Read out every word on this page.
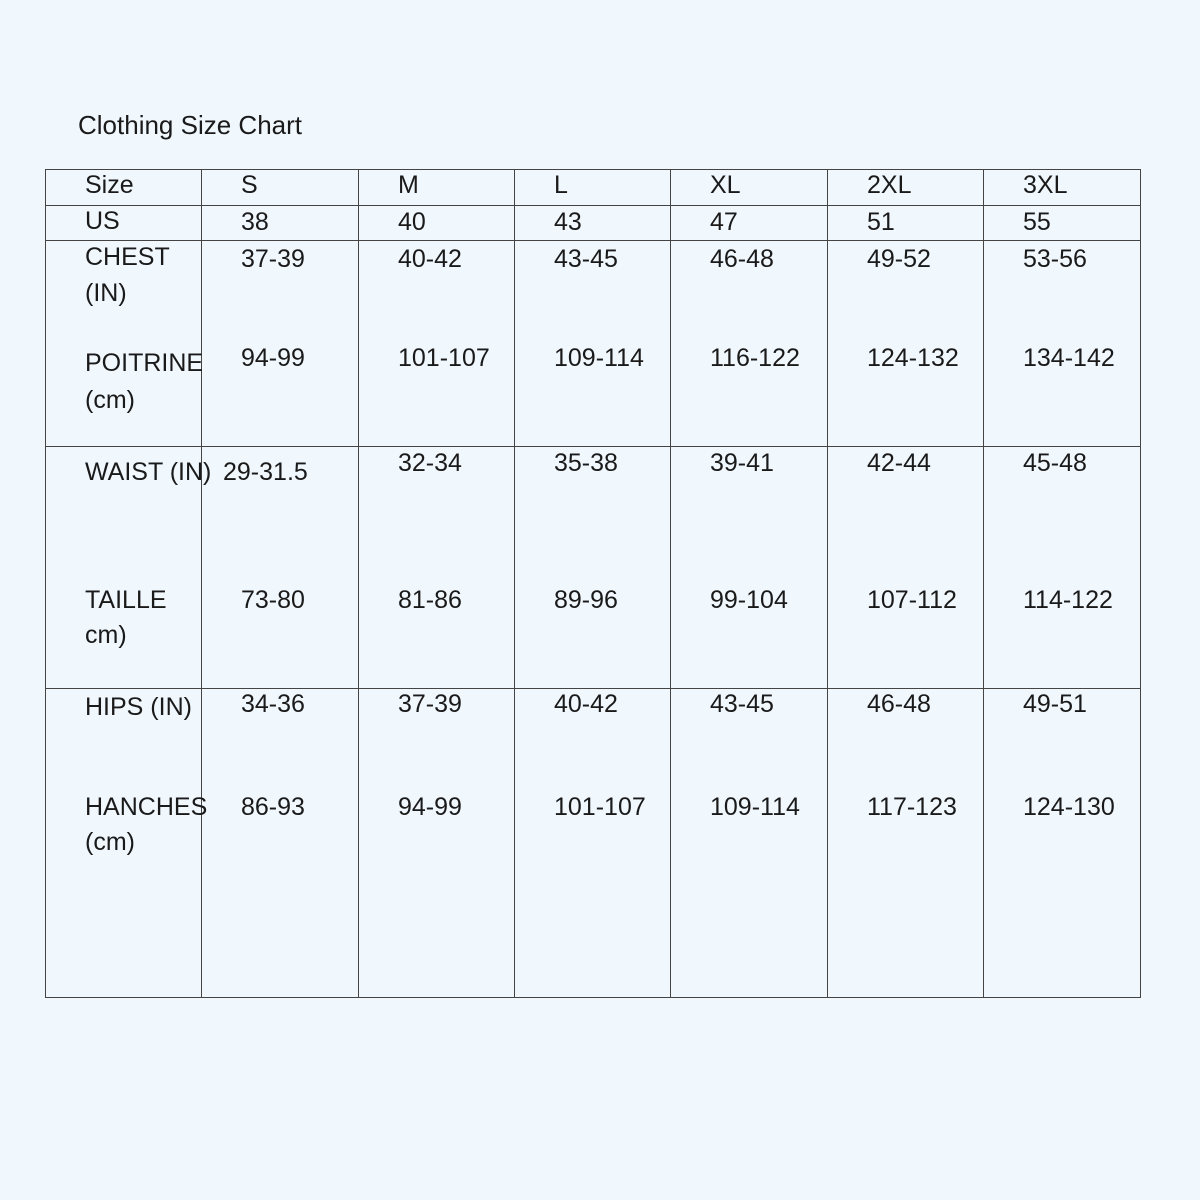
Clothing Size Chart
Size	S	M	L	XL	2XL	3XL
US	38	40	43	47	51	55
CHEST
(IN)
37-39	40-42	43-45	46-48	49-52	53-56
POITRINE
(cm)
94-99	101-107	109-114	116-122	124-132	134-142
WAIST (IN) 29-31.5	32-34	35-38	39-41	42-44	45-48
TAILLE
cm)
73-80	81-86	89-96	99-104	107-112	114-122
HIPS (IN) 34-36	37-39	40-42	43-45	46-48	49-51
HANCHES
(cm)
86-93	94-99	101-107	109-114	117-123	124-130
